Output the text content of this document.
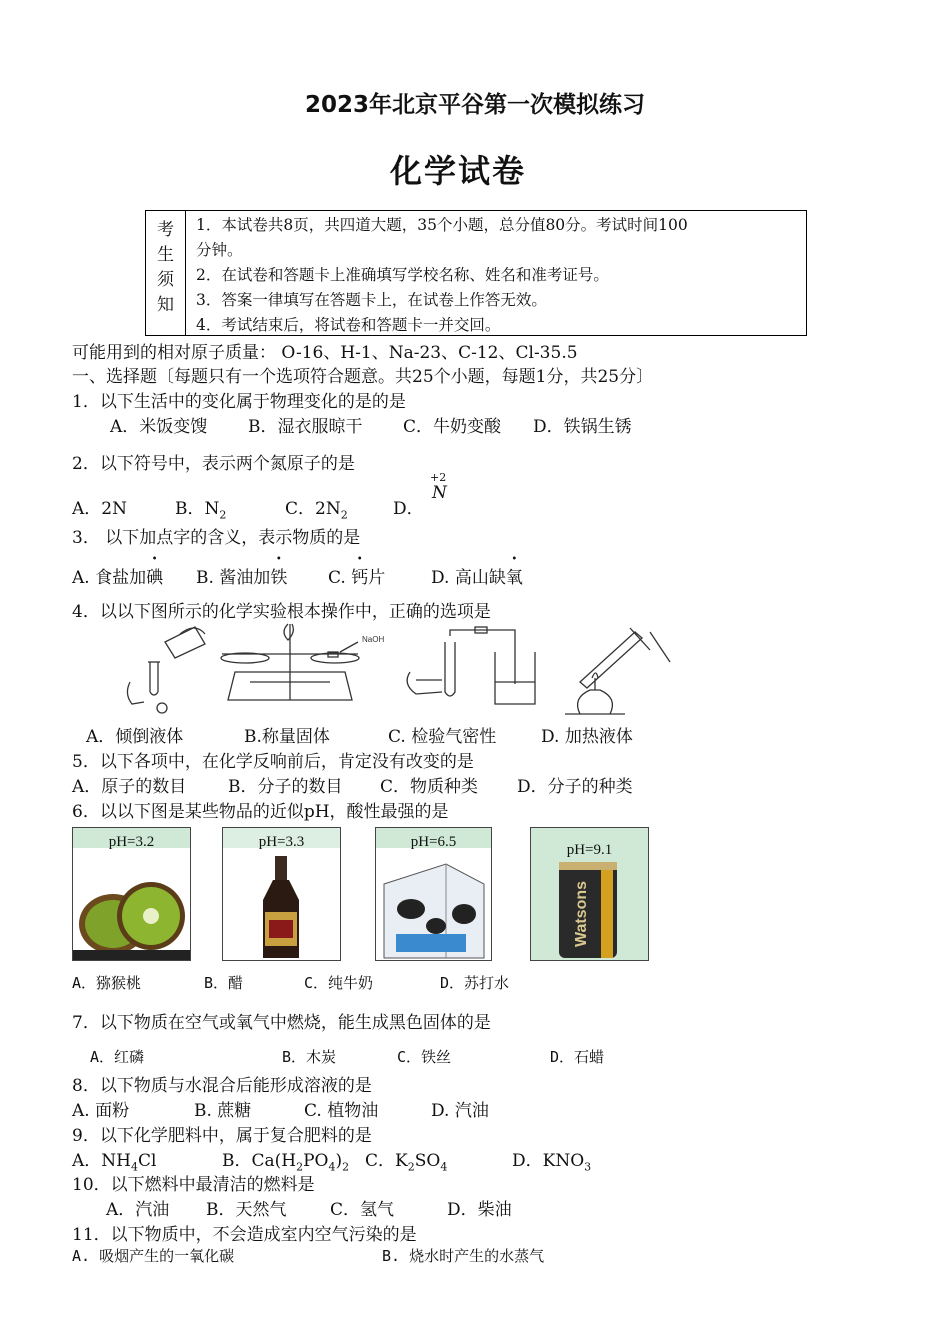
2023年北京平谷第一次模拟练习
化学试卷
考
生
须
知
1．本试卷共8页，共四道大题，35个小题，总分值80分。考试时间100
分钟。
2．在试卷和答题卡上准确填写学校名称、姓名和准考证号。
3．答案一律填写在答题卡上，在试卷上作答无效。
4．考试结束后，将试卷和答题卡一并交回。
可能用到的相对原子质量： O-16、H-1、Na-23、C-12、Cl-35.5
一、选择题〔每题只有一个选项符合题意。共25个小题，每题1分，共25分〕
1．以下生活中的变化属于物理变化的是的是
A．米饭变馊 B．湿衣服晾干 C．牛奶变酸 D．铁锅生锈
2．以下符号中，表示两个氮原子的是
A．2N	B．$N_2$	C．$2N_2$	D．
+2
N
3． 以下加点字的含义，表示物质的是
A. 食盐加碘 B. 酱油加铁 C. 钙片	D. 高山缺氧
4．以以下图所示的化学实验根本操作中，正确的选项是
NaOH
A．倾倒液体	B.称量固体	C. 检验气密性	D. 加热液体
5．以下各项中，在化学反响前后，肯定没有改变的是
A．原子的数目 B．分子的数目 C．物质种类 D．分子的种类
6．以以下图是某些物品的近似pH，酸性最强的是
pH=3.2	pH=3.3	pH=6.5	pH=9.1
Watsons
A．猕猴桃	B．醋	C．纯牛奶	D．苏打水
7．以下物质在空气或氧气中燃烧，能生成黑色固体的是
A．红磷	B．木炭	C．铁丝	D．石蜡
8．以下物质与水混合后能形成溶液的是
A. 面粉	B. 蔗糖	C. 植物油	D. 汽油
9．以下化学肥料中，属于复合肥料的是
A．$NH_4Cl$	B．$Ca(H_2PO_4)_2$ C．$K_2SO_4$	D．$KNO_3$
10．以下燃料中最清洁的燃料是
A．汽油 B．天然气	C．氢气	D．柴油
11．以下物质中，不会造成室内空气污染的是
A. 吸烟产生的一氧化碳	B. 烧水时产生的水蒸气
